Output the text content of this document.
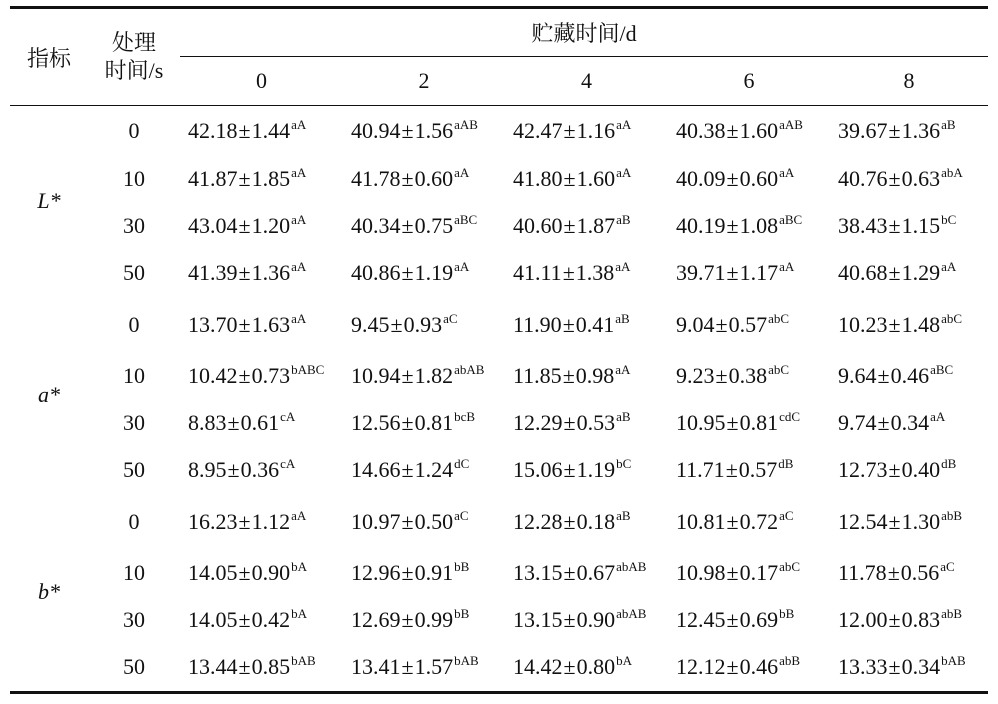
指标	处理
时间/s	贮藏时间/d				
		0	2	4	6	8

L*	0	$42.18\pm 1.44^{aA}$	$40.94\pm 1.56^{aAB}$	$42.47\pm 1.16^{aA}$	$40.38\pm 1.60^{aAB}$	$39.67\pm 1.36^{aB}$
	10	$41.87\pm 1.85^{aA}$	$41.78\pm 0.60^{aA}$	$41.80\pm 1.60^{aA}$	$40.09\pm 0.60^{aA}$	$40.76\pm 0.63^{abA}$
	30	$43.04\pm 1.20^{aA}$	$40.34\pm 0.75^{aBC}$	$40.60\pm 1.87^{aB}$	$40.19\pm 1.08^{aBC}$	$38.43\pm 1.15^{bC}$
	50	$41.39\pm 1.36^{aA}$	$40.86\pm 1.19^{aA}$	$41.11\pm 1.38^{aA}$	$39.71\pm 1.17^{aA}$	$40.68\pm 1.29^{aA}$
a*	0	$13.70\pm 1.63^{aA}$	$9.45\pm 0.93^{aC}$	$11.90\pm 0.41^{aB}$	$9.04\pm 0.57^{abC}$	$10.23\pm 1.48^{abC}$
	10	$10.42\pm 0.73^{bABC}$	$10.94\pm 1.82^{abAB}$	$11.85\pm 0.98^{aA}$	$9.23\pm 0.38^{abC}$	$9.64\pm 0.46^{aBC}$
	30	$8.83\pm 0.61^{cA}$	$12.56\pm 0.81^{bcB}$	$12.29\pm 0.53^{aB}$	$10.95\pm 0.81^{cdC}$	$9.74\pm 0.34^{aA}$
	50	$8.95\pm 0.36^{cA}$	$14.66\pm 1.24^{dC}$	$15.06\pm 1.19^{bC}$	$11.71\pm 0.57^{dB}$	$12.73\pm 0.40^{dB}$
b*	0	$16.23\pm 1.12^{aA}$	$10.97\pm 0.50^{aC}$	$12.28\pm 0.18^{aB}$	$10.81\pm 0.72^{aC}$	$12.54\pm 1.30^{abB}$
	10	$14.05\pm 0.90^{bA}$	$12.96\pm 0.91^{bB}$	$13.15\pm 0.67^{abAB}$	$10.98\pm 0.17^{abC}$	$11.78\pm 0.56^{aC}$
	30	$14.05\pm 0.42^{bA}$	$12.69\pm 0.99^{bB}$	$13.15\pm 0.90^{abAB}$	$12.45\pm 0.69^{bB}$	$12.00\pm 0.83^{abB}$
	50	$13.44\pm 0.85^{bAB}$	$13.41\pm 1.57^{bAB}$	$14.42\pm 0.80^{bA}$	$12.12\pm 0.46^{abB}$	$13.33\pm 0.34^{bAB}$
